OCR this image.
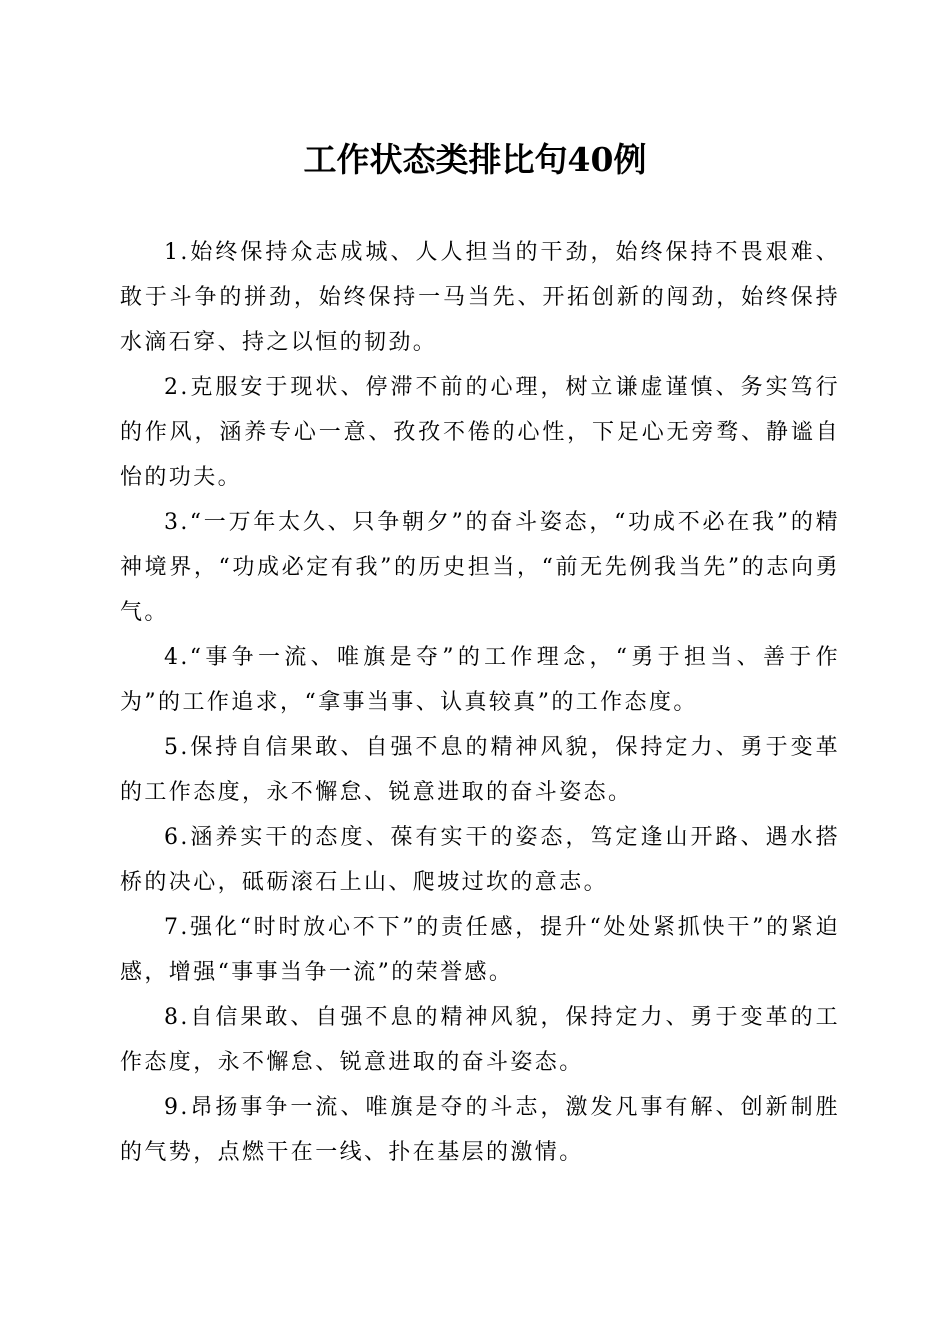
工作状态类排比句40例

1.始终保持众志成城、人人担当的干劲，始终保持不畏艰难、敢于斗争的拼劲，始终保持一马当先、开拓创新的闯劲，始终保持水滴石穿、持之以恒的韧劲。

2.克服安于现状、停滞不前的心理，树立谦虚谨慎、务实笃行的作风，涵养专心一意、孜孜不倦的心性，下足心无旁骛、静谧自怡的功夫。

3.“一万年太久、只争朝夕”的奋斗姿态，“功成不必在我”的精神境界，“功成必定有我”的历史担当，“前无先例我当先”的志向勇气。

4.“事争一流、唯旗是夺”的工作理念，“勇于担当、善于作为”的工作追求，“拿事当事、认真较真”的工作态度。

5.保持自信果敢、自强不息的精神风貌，保持定力、勇于变革的工作态度，永不懈怠、锐意进取的奋斗姿态。

6.涵养实干的态度、葆有实干的姿态，笃定逢山开路、遇水搭桥的决心，砥砺滚石上山、爬坡过坎的意志。

7.强化“时时放心不下”的责任感，提升“处处紧抓快干”的紧迫感，增强“事事当争一流”的荣誉感。

8.自信果敢、自强不息的精神风貌，保持定力、勇于变革的工作态度，永不懈怠、锐意进取的奋斗姿态。

9.昂扬事争一流、唯旗是夺的斗志，激发凡事有解、创新制胜的气势，点燃干在一线、扑在基层的激情。
